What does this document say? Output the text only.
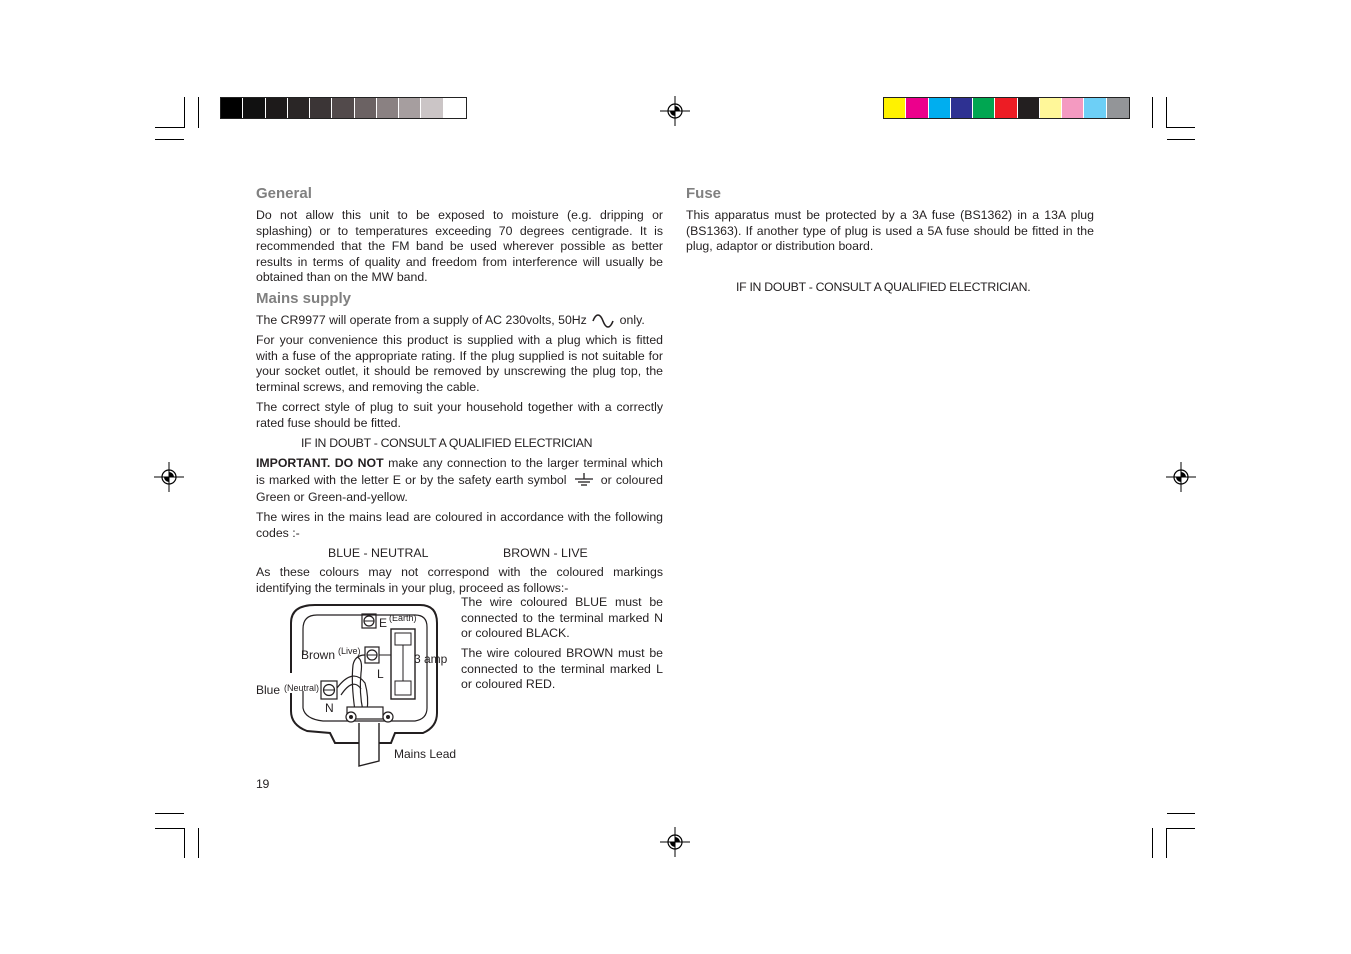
General

Do not allow this unit to be exposed to moisture (e.g. dripping or splashing) or to temperatures exceeding 70 degrees centigrade. It is recommended that the FM band be used wherever possible as better results in terms of quality and freedom from interference will usually be obtained than on the MW band.

Mains supply

The CR9977 will operate from a supply of AC 230volts, 50Hz	only.

For your convenience this product is supplied with a plug which is fitted with a fuse of the appropriate rating. If the plug supplied is not suitable for your socket outlet, it should be removed by unscrewing the plug top, the terminal screws, and removing the cable.

The correct style of plug to suit your household together with a correctly rated fuse should be fitted.

IF IN DOUBT - CONSULT A QUALIFIED ELECTRICIAN

IMPORTANT. DO NOT make any connection to the larger terminal which is marked with the letter E or by the safety earth symbol	or coloured Green or Green-and-yellow.

The wires in the mains lead are coloured in accordance with the following codes :-

BLUE - NEUTRAL	BROWN - LIVE

As these colours may not correspond with the coloured markings identifying the terminals in your plug, proceed as follows:-

The wire coloured BLUE must be connected to the terminal marked N or coloured BLACK.

The wire coloured BROWN must be connected to the terminal marked L or coloured RED.

E (Earth)
Brown (Live)
L
3 amp
Blue (Neutral)
N
Mains Lead

19

Fuse

This apparatus must be protected by a 3A fuse (BS1362) in a 13A plug (BS1363). If another type of plug is used a 5A fuse should be fitted in the plug, adaptor or distribution board.

IF IN DOUBT - CONSULT A QUALIFIED ELECTRICIAN.
